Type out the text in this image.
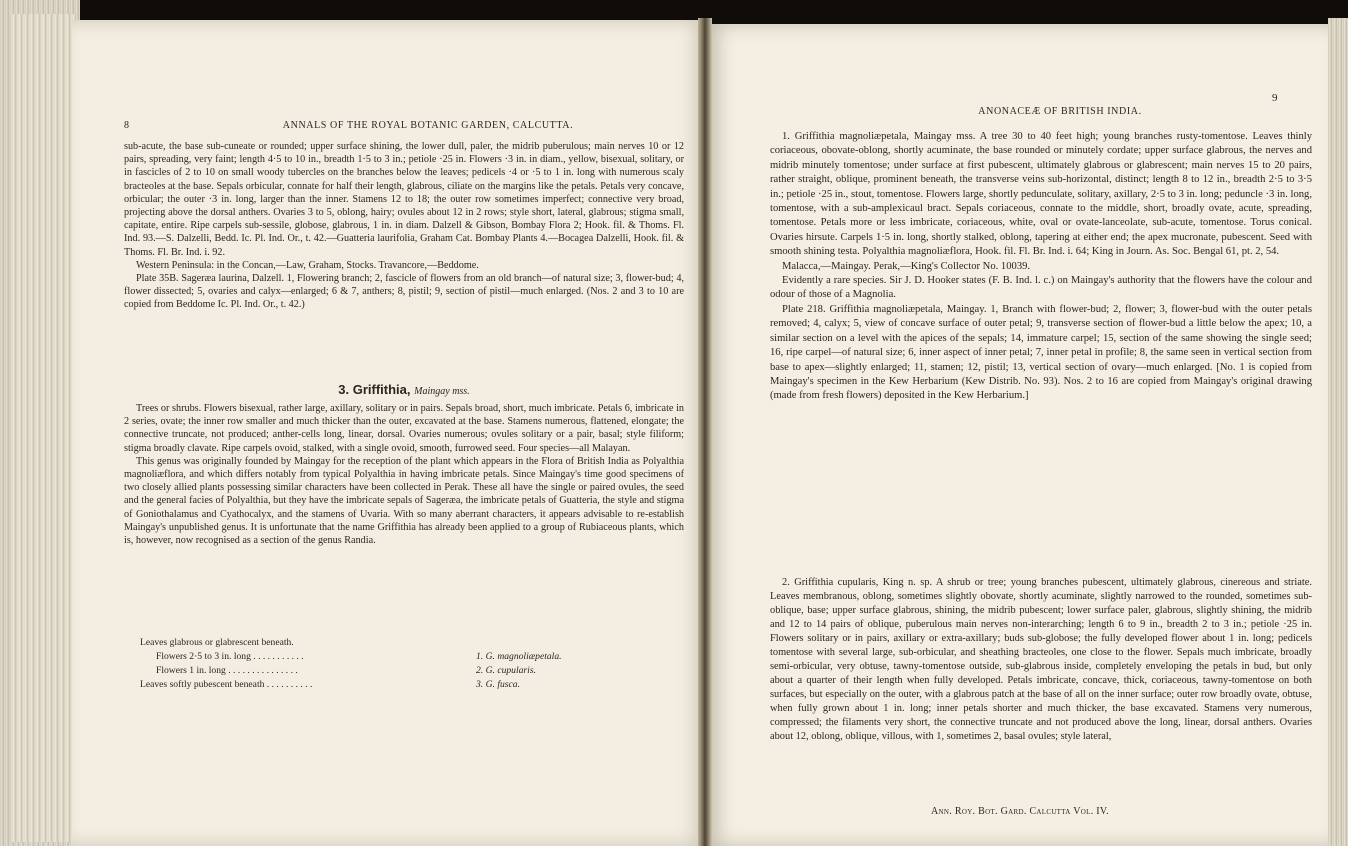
8	ANNALS OF THE ROYAL BOTANIC GARDEN, CALCUTTA.

sub-acute, the base sub-cuneate or rounded; upper surface shining, the lower dull, paler, the midrib puberulous; main nerves 10 or 12 pairs, spreading, very faint; length 4·5 to 10 in., breadth 1·5 to 3 in.; petiole ·25 in. Flowers ·3 in. in diam., yellow, bisexual, solitary, or in fascicles of 2 to 10 on small woody tubercles on the branches below the leaves; pedicels ·4 or ·5 to 1 in. long with numerous scaly bracteoles at the base. Sepals orbicular, connate for half their length, glabrous, ciliate on the margins like the petals. Petals very concave, orbicular; the outer ·3 in. long, larger than the inner. Stamens 12 to 18; the outer row sometimes imperfect; connective very broad, projecting above the dorsal anthers. Ovaries 3 to 5, oblong, hairy; ovules about 12 in 2 rows; style short, lateral, glabrous; stigma small, capitate, entire. Ripe carpels sub-sessile, globose, glabrous, 1 in. in diam. Dalzell & Gibson, Bombay Flora 2; Hook. fil. & Thoms. Fl. Ind. 93.—S. Dalzelli, Bedd. Ic. Pl. Ind. Or., t. 42.—Guatteria laurifolia, Graham Cat. Bombay Plants 4.—Bocagea Dalzelli, Hook. fil. & Thoms. Fl. Br. Ind. i. 92.

Western Peninsula: in the Concan,—Law, Graham, Stocks. Travancore,—Beddome.

Plate 35B. Sageræa laurina, Dalzell. 1, Flowering branch; 2, fascicle of flowers from an old branch—of natural size; 3, flower-bud; 4, flower dissected; 5, ovaries and calyx—enlarged; 6 & 7, anthers; 8, pistil; 9, section of pistil—much enlarged. (Nos. 2 and 3 to 10 are copied from Beddome Ic. Pl. Ind. Or., t. 42.)

3. Griffithia, Maingay mss.

Trees or shrubs. Flowers bisexual, rather large, axillary, solitary or in pairs. Sepals broad, short, much imbricate. Petals 6, imbricate in 2 series, ovate; the inner row smaller and much thicker than the outer, excavated at the base. Stamens numerous, flattened, elongate; the connective truncate, not produced; anther-cells long, linear, dorsal. Ovaries numerous; ovules solitary or a pair, basal; style filiform; stigma broadly clavate. Ripe carpels ovoid, stalked, with a single ovoid, smooth, furrowed seed. Four species—all Malayan.

This genus was originally founded by Maingay for the reception of the plant which appears in the Flora of British India as Polyalthia magnoliæflora, and which differs notably from typical Polyalthia in having imbricate petals. Since Maingay's time good specimens of two closely allied plants possessing similar characters have been collected in Perak. These all have the single or paired ovules, the seed and the general facies of Polyalthia, but they have the imbricate sepals of Sageræa, the imbricate petals of Guatteria, the style and stigma of Goniothalamus and Cyathocalyx, and the stamens of Uvaria. With so many aberrant characters, it appears advisable to re-establish Maingay's unpublished genus. It is unfortunate that the name Griffithia has already been applied to a group of Rubiaceous plants, which is, however, now recognised as a section of the genus Randia.

Leaves glabrous or glabrescent beneath.
Flowers 2·5 to 3 in. long . . . . . . . . . . .	1. G. magnoliæpetala.
Flowers 1 in. long . . . . . . . . . . . . . . .	2. G. cupularis.
Leaves softly pubescent beneath . . . . . . . . . .	3. G. fusca.
9
ANONACEÆ OF BRITISH INDIA.

1. Griffithia magnoliæpetala, Maingay mss. A tree 30 to 40 feet high; young branches rusty-tomentose. Leaves thinly coriaceous, obovate-oblong, shortly acuminate, the base rounded or minutely cordate; upper surface glabrous, the nerves and midrib minutely tomentose; under surface at first pubescent, ultimately glabrous or glabrescent; main nerves 15 to 20 pairs, rather straight, oblique, prominent beneath, the transverse veins sub-horizontal, distinct; length 8 to 12 in., breadth 2·5 to 3·5 in.; petiole ·25 in., stout, tomentose. Flowers large, shortly pedunculate, solitary, axillary, 2·5 to 3 in. long; peduncle ·3 in. long, tomentose, with a sub-amplexicaul bract. Sepals coriaceous, connate to the middle, short, broadly ovate, acute, spreading, tomentose. Petals more or less imbricate, coriaceous, white, oval or ovate-lanceolate, sub-acute, tomentose. Torus conical. Ovaries hirsute. Carpels 1·5 in. long, shortly stalked, oblong, tapering at either end; the apex mucronate, pubescent. Seed with smooth shining testa. Polyalthia magnoliæflora, Hook. fil. Fl. Br. Ind. i. 64; King in Journ. As. Soc. Bengal 61, pt. 2, 54.

Malacca,—Maingay. Perak,—King's Collector No. 10039.

Evidently a rare species. Sir J. D. Hooker states (F. B. Ind. l. c.) on Maingay's authority that the flowers have the colour and odour of those of a Magnolia.

Plate 218. Griffithia magnoliæpetala, Maingay. 1, Branch with flower-bud; 2, flower; 3, flower-bud with the outer petals removed; 4, calyx; 5, view of concave surface of outer petal; 9, transverse section of flower-bud a little below the apex; 10, a similar section on a level with the apices of the sepals; 14, immature carpel; 15, section of the same showing the single seed; 16, ripe carpel—of natural size; 6, inner aspect of inner petal; 7, inner petal in profile; 8, the same seen in vertical section from base to apex—slightly enlarged; 11, stamen; 12, pistil; 13, vertical section of ovary—much enlarged. [No. 1 is copied from Maingay's specimen in the Kew Herbarium (Kew Distrib. No. 93). Nos. 2 to 16 are copied from Maingay's original drawing (made from fresh flowers) deposited in the Kew Herbarium.]

2. Griffithia cupularis, King n. sp. A shrub or tree; young branches pubescent, ultimately glabrous, cinereous and striate. Leaves membranous, oblong, sometimes slightly obovate, shortly acuminate, slightly narrowed to the rounded, sometimes sub-oblique, base; upper surface glabrous, shining, the midrib pubescent; lower surface paler, glabrous, slightly shining, the midrib and 12 to 14 pairs of oblique, puberulous main nerves non-interarching; length 6 to 9 in., breadth 2 to 3 in.; petiole ·25 in. Flowers solitary or in pairs, axillary or extra-axillary; buds sub-globose; the fully developed flower about 1 in. long; pedicels tomentose with several large, sub-orbicular, and sheathing bracteoles, one close to the flower. Sepals much imbricate, broadly semi-orbicular, very obtuse, tawny-tomentose outside, sub-glabrous inside, completely enveloping the petals in bud, but only about a quarter of their length when fully developed. Petals imbricate, concave, thick, coriaceous, tawny-tomentose on both surfaces, but especially on the outer, with a glabrous patch at the base of all on the inner surface; outer row broadly ovate, obtuse, when fully grown about 1 in. long; inner petals shorter and much thicker, the base excavated. Stamens very numerous, compressed; the filaments very short, the connective truncate and not produced above the long, linear, dorsal anthers. Ovaries about 12, oblong, oblique, villous, with 1, sometimes 2, basal ovules; style lateral,

Ann. Roy. Bot. Gard. Calcutta Vol. IV.
